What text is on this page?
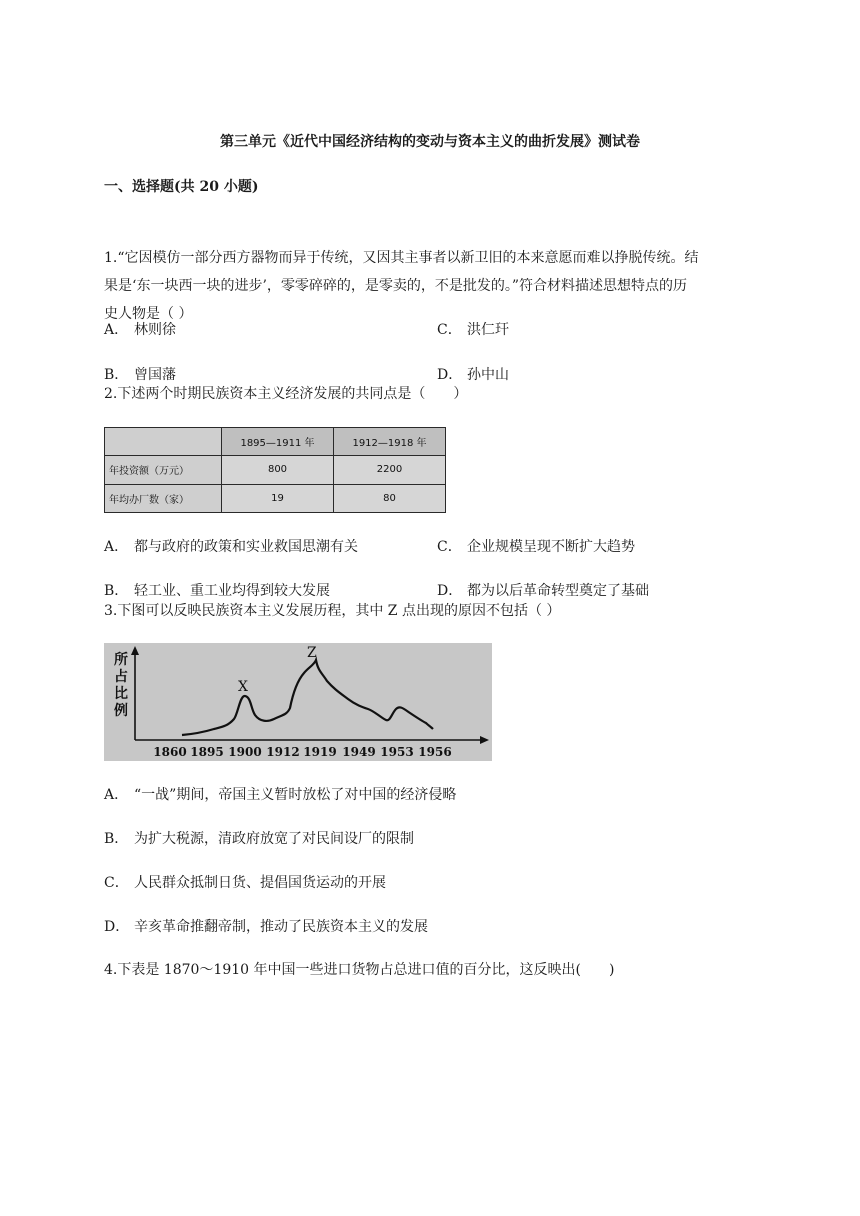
第三单元《近代中国经济结构的变动与资本主义的曲折发展》测试卷
一、选择题(共 20 小题)
1.“它因模仿一部分西方器物而异于传统，又因其主事者以新卫旧的本来意愿而难以挣脱传统。结
果是‘东一块西一块的进步’，零零碎碎的，是零卖的，不是批发的。”符合材料描述思想特点的历
史人物是（ ）
A． 林则徐	C． 洪仁玕
B． 曾国藩	D． 孙中山
2.下述两个时期民族资本主义经济发展的共同点是（　　）
	1895—1911 年	1912—1918 年
年投资额（万元）	800	2200
年均办厂数（家）	19	80
A． 都与政府的政策和实业救国思潮有关	C． 企业规模呈现不断扩大趋势
B． 轻工业、重工业均得到较大发展	D． 都为以后革命转型奠定了基础
3.下图可以反映民族资本主义发展历程，其中 Z 点出现的原因不包括（ ）
所
占
比
例
X
Z
1860 1895 1900 1912 1919 1949 1953 1956
A． “一战”期间，帝国主义暂时放松了对中国的经济侵略
B． 为扩大税源，清政府放宽了对民间设厂的限制
C． 人民群众抵制日货、提倡国货运动的开展
D． 辛亥革命推翻帝制，推动了民族资本主义的发展
4.下表是 1870～1910 年中国一些进口货物占总进口值的百分比，这反映出(　　)
